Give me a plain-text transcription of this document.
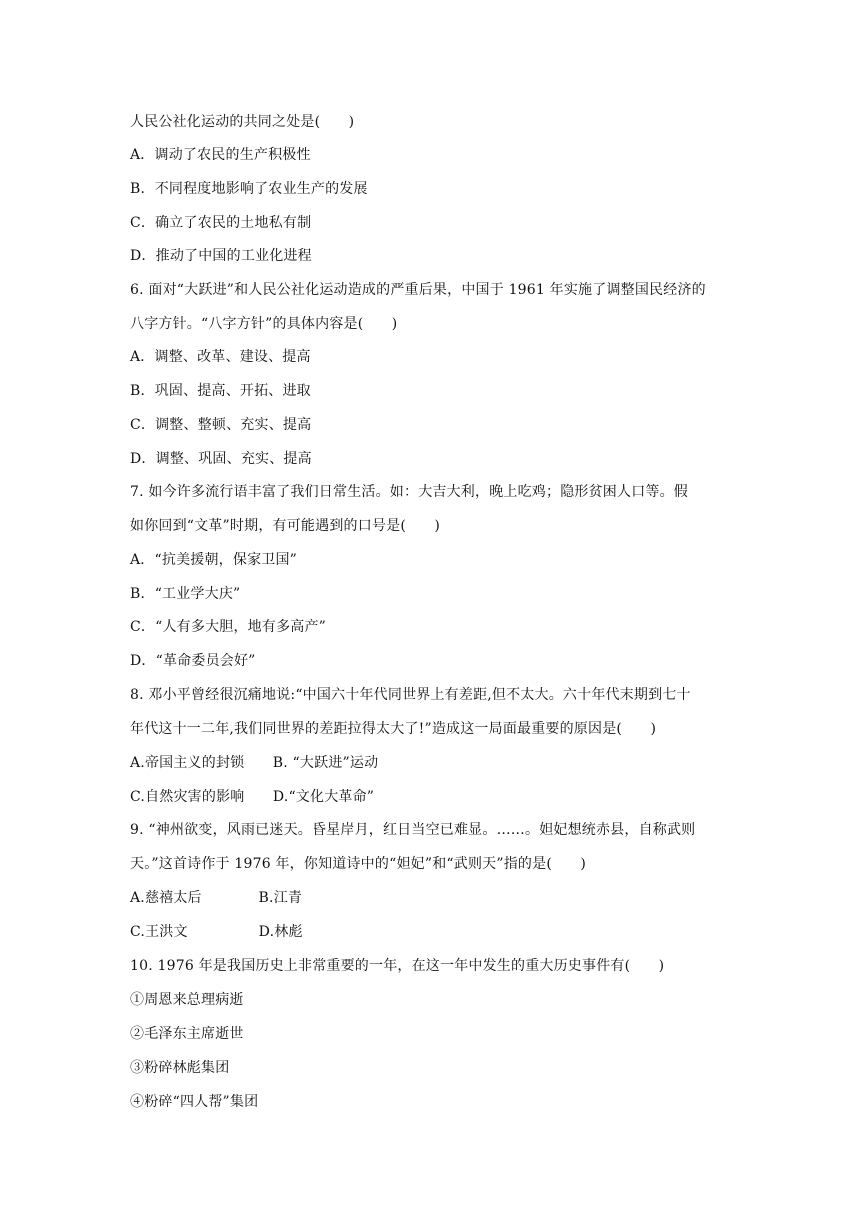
人民公社化运动的共同之处是(　　)
A．调动了农民的生产积极性
B．不同程度地影响了农业生产的发展
C．确立了农民的土地私有制
D．推动了中国的工业化进程
6. 面对“大跃进”和人民公社化运动造成的严重后果，中国于 1961 年实施了调整国民经济的
八字方针。“八字方针”的具体内容是(　　)
A．调整、改革、建设、提高
B．巩固、提高、开拓、进取
C．调整、整顿、充实、提高
D．调整、巩固、充实、提高
7. 如今许多流行语丰富了我们日常生活。如：大吉大利，晚上吃鸡；隐形贫困人口等。假
如你回到“文革”时期，有可能遇到的口号是(　　)
A．“抗美援朝，保家卫国”
B．“工业学大庆”
C．“人有多大胆，地有多高产”
D．“革命委员会好”
8. 邓小平曾经很沉痛地说:“中国六十年代同世界上有差距,但不太大。六十年代末期到七十
年代这十一二年,我们同世界的差距拉得太大了!”造成这一局面最重要的原因是(　　)
A.帝国主义的封锁　　B. “大跃进”运动
C.自然灾害的影响　　D.“文化大革命”
9. “神州欲变，风雨已迷天。昏星岸月，红日当空已难显。……。妲妃想统赤县，自称武则
天。”这首诗作于 1976 年，你知道诗中的“妲妃”和“武则天”指的是(　　)
A.慈禧太后　　　　B.江青
C.王洪文　　　　　D.林彪
10. 1976 年是我国历史上非常重要的一年，在这一年中发生的重大历史事件有(　　)
①周恩来总理病逝
②毛泽东主席逝世
③粉碎林彪集团
④粉碎“四人帮”集团
